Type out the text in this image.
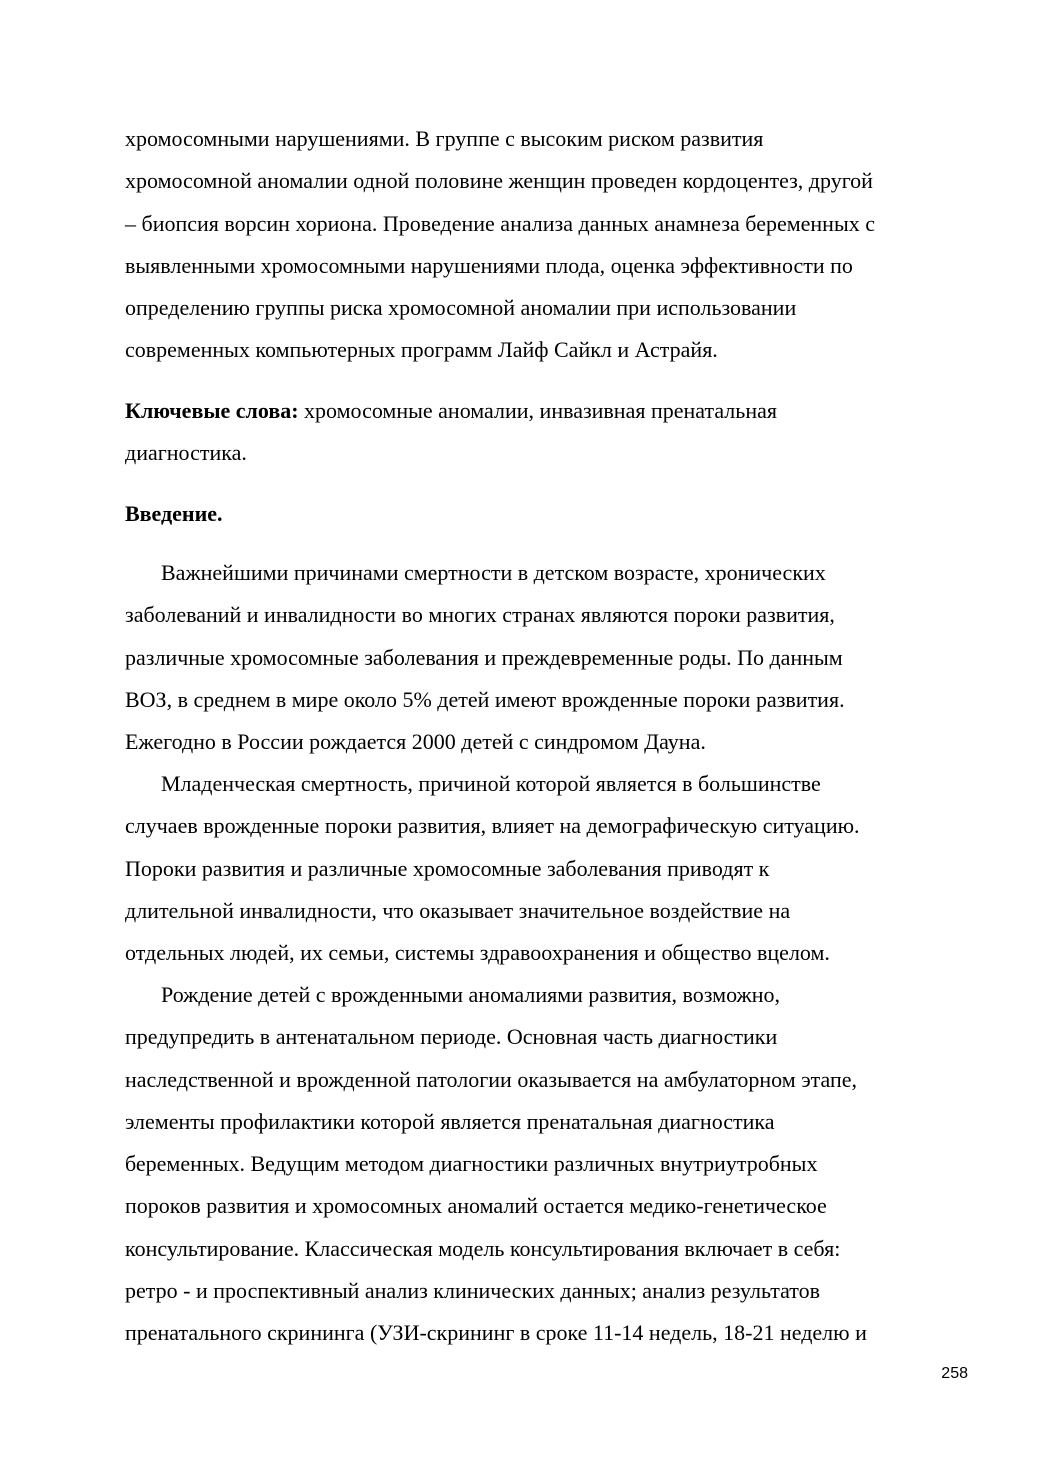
хромосомными нарушениями. В группе с высоким риском развития
хромосомной аномалии одной половине женщин проведен кордоцентез, другой
– биопсия ворсин хориона. Проведение анализа данных анамнеза беременных с
выявленными хромосомными нарушениями плода, оценка эффективности по
определению группы риска хромосомной аномалии при использовании
современных компьютерных программ Лайф Сайкл и Астрайя.
Ключевые слова: хромосомные аномалии, инвазивная пренатальная
диагностика.
Введение.
Важнейшими причинами смертности в детском возрасте, хронических
заболеваний и инвалидности во многих странах являются пороки развития,
различные хромосомные заболевания и преждевременные роды. По данным
ВОЗ, в среднем в мире около 5% детей имеют врожденные пороки развития.
Ежегодно в России рождается 2000 детей с синдромом Дауна.
Младенческая смертность, причиной которой является в большинстве
случаев врожденные пороки развития, влияет на демографическую ситуацию.
Пороки развития и различные хромосомные заболевания приводят к
длительной инвалидности, что оказывает значительное воздействие на
отдельных людей, их семьи, системы здравоохранения и общество вцелом.
Рождение детей с врожденными аномалиями развития, возможно,
предупредить в антенатальном периоде. Основная часть диагностики
наследственной и врожденной патологии оказывается на амбулаторном этапе,
элементы профилактики которой является пренатальная диагностика
беременных. Ведущим методом диагностики различных внутриутробных
пороков развития и хромосомных аномалий остается медико-генетическое
консультирование. Классическая модель консультирования включает в себя:
ретро - и проспективный анализ клинических данных; анализ результатов
пренатального скрининга (УЗИ-скрининг в сроке 11-14 недель, 18-21 неделю и
258
